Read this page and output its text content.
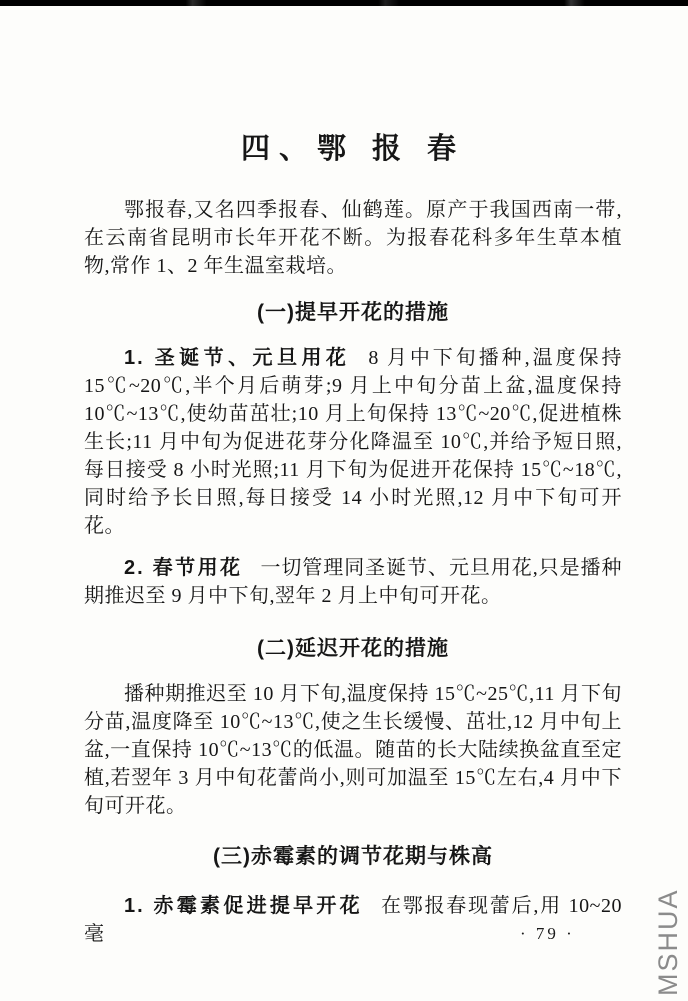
四、鄂 报 春

鄂报春,又名四季报春、仙鹤莲。原产于我国西南一带,在云南省昆明市长年开花不断。为报春花科多年生草本植物,常作 1、2 年生温室栽培。

(一)提早开花的措施

1. 圣诞节、元旦用花 8 月中下旬播种,温度保持 15℃~20℃,半个月后萌芽;9 月上中旬分苗上盆,温度保持 10℃~13℃,使幼苗茁壮;10 月上旬保持 13℃~20℃,促进植株生长;11 月中旬为促进花芽分化降温至 10℃,并给予短日照,每日接受 8 小时光照;11 月下旬为促进开花保持 15℃~18℃,同时给予长日照,每日接受 14 小时光照,12 月中下旬可开花。

2. 春节用花 一切管理同圣诞节、元旦用花,只是播种期推迟至 9 月中下旬,翌年 2 月上中旬可开花。

(二)延迟开花的措施

播种期推迟至 10 月下旬,温度保持 15℃~25℃,11 月下旬分苗,温度降至 10℃~13℃,使之生长缓慢、茁壮,12 月中旬上盆,一直保持 10℃~13℃的低温。随苗的长大陆续换盆直至定植,若翌年 3 月中旬花蕾尚小,则可加温至 15℃左右,4 月中下旬可开花。

(三)赤霉素的调节花期与株高

1. 赤霉素促进提早开花 在鄂报春现蕾后,用 10~20 毫	· 79 ·	MSHUA
